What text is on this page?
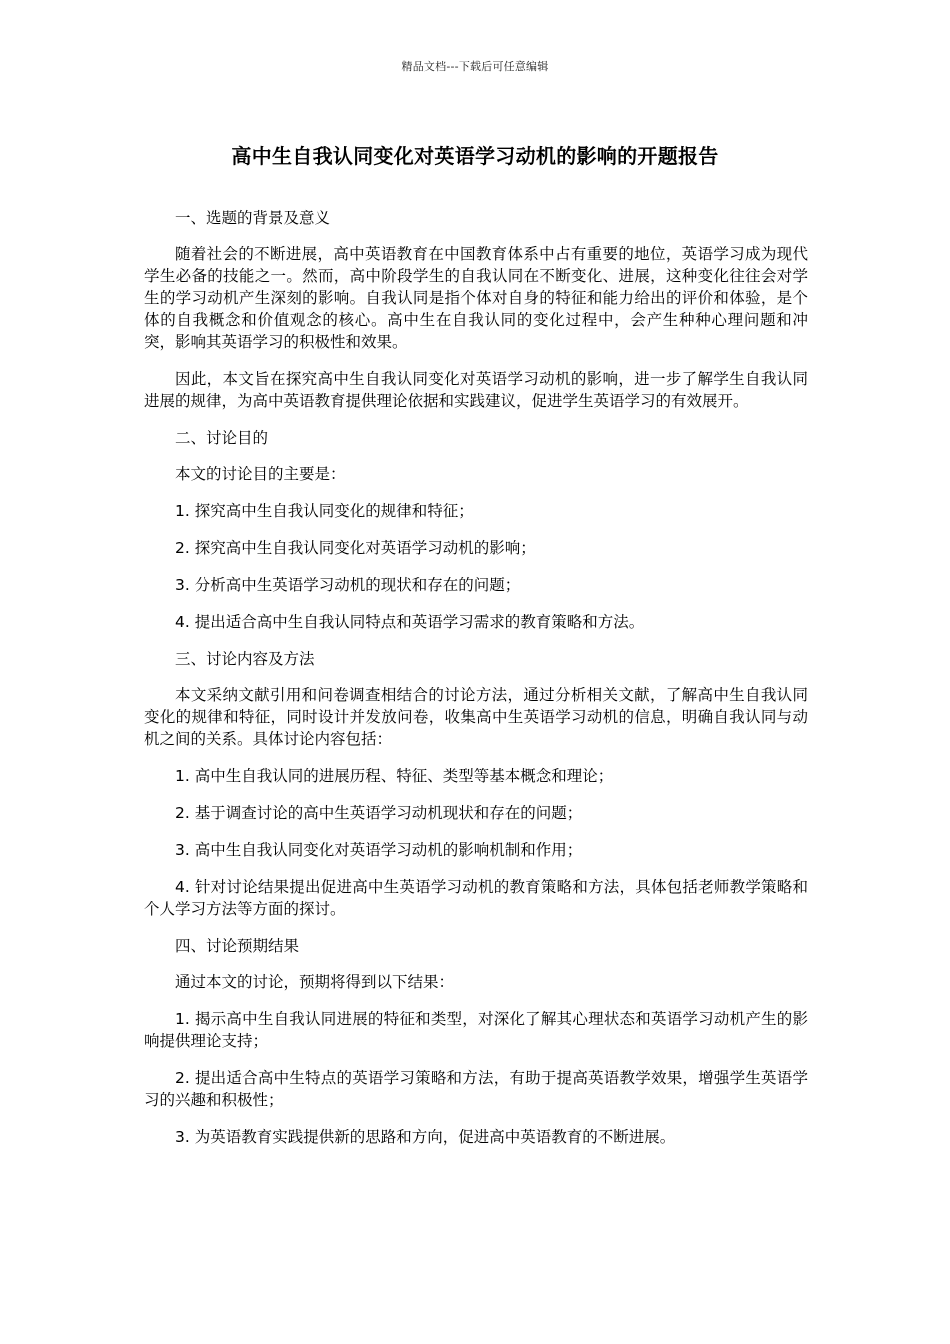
精品文档---下载后可任意编辑
高中生自我认同变化对英语学习动机的影响的开题报告

一、选题的背景及意义

随着社会的不断进展，高中英语教育在中国教育体系中占有重要的地位，英语学习成为现代学生必备的技能之一。然而，高中阶段学生的自我认同在不断变化、进展，这种变化往往会对学生的学习动机产生深刻的影响。自我认同是指个体对自身的特征和能力给出的评价和体验，是个体的自我概念和价值观念的核心。高中生在自我认同的变化过程中，会产生种种心理问题和冲突，影响其英语学习的积极性和效果。

因此，本文旨在探究高中生自我认同变化对英语学习动机的影响，进一步了解学生自我认同进展的规律，为高中英语教育提供理论依据和实践建议，促进学生英语学习的有效展开。

二、讨论目的

本文的讨论目的主要是：

1. 探究高中生自我认同变化的规律和特征；

2. 探究高中生自我认同变化对英语学习动机的影响；

3. 分析高中生英语学习动机的现状和存在的问题；

4. 提出适合高中生自我认同特点和英语学习需求的教育策略和方法。

三、讨论内容及方法

本文采纳文献引用和问卷调查相结合的讨论方法，通过分析相关文献，了解高中生自我认同变化的规律和特征，同时设计并发放问卷，收集高中生英语学习动机的信息，明确自我认同与动机之间的关系。具体讨论内容包括：

1. 高中生自我认同的进展历程、特征、类型等基本概念和理论；

2. 基于调查讨论的高中生英语学习动机现状和存在的问题；

3. 高中生自我认同变化对英语学习动机的影响机制和作用；

4. 针对讨论结果提出促进高中生英语学习动机的教育策略和方法，具体包括老师教学策略和个人学习方法等方面的探讨。

四、讨论预期结果

通过本文的讨论，预期将得到以下结果：

1. 揭示高中生自我认同进展的特征和类型，对深化了解其心理状态和英语学习动机产生的影响提供理论支持；

2. 提出适合高中生特点的英语学习策略和方法，有助于提高英语教学效果，增强学生英语学习的兴趣和积极性；

3. 为英语教育实践提供新的思路和方向，促进高中英语教育的不断进展。
